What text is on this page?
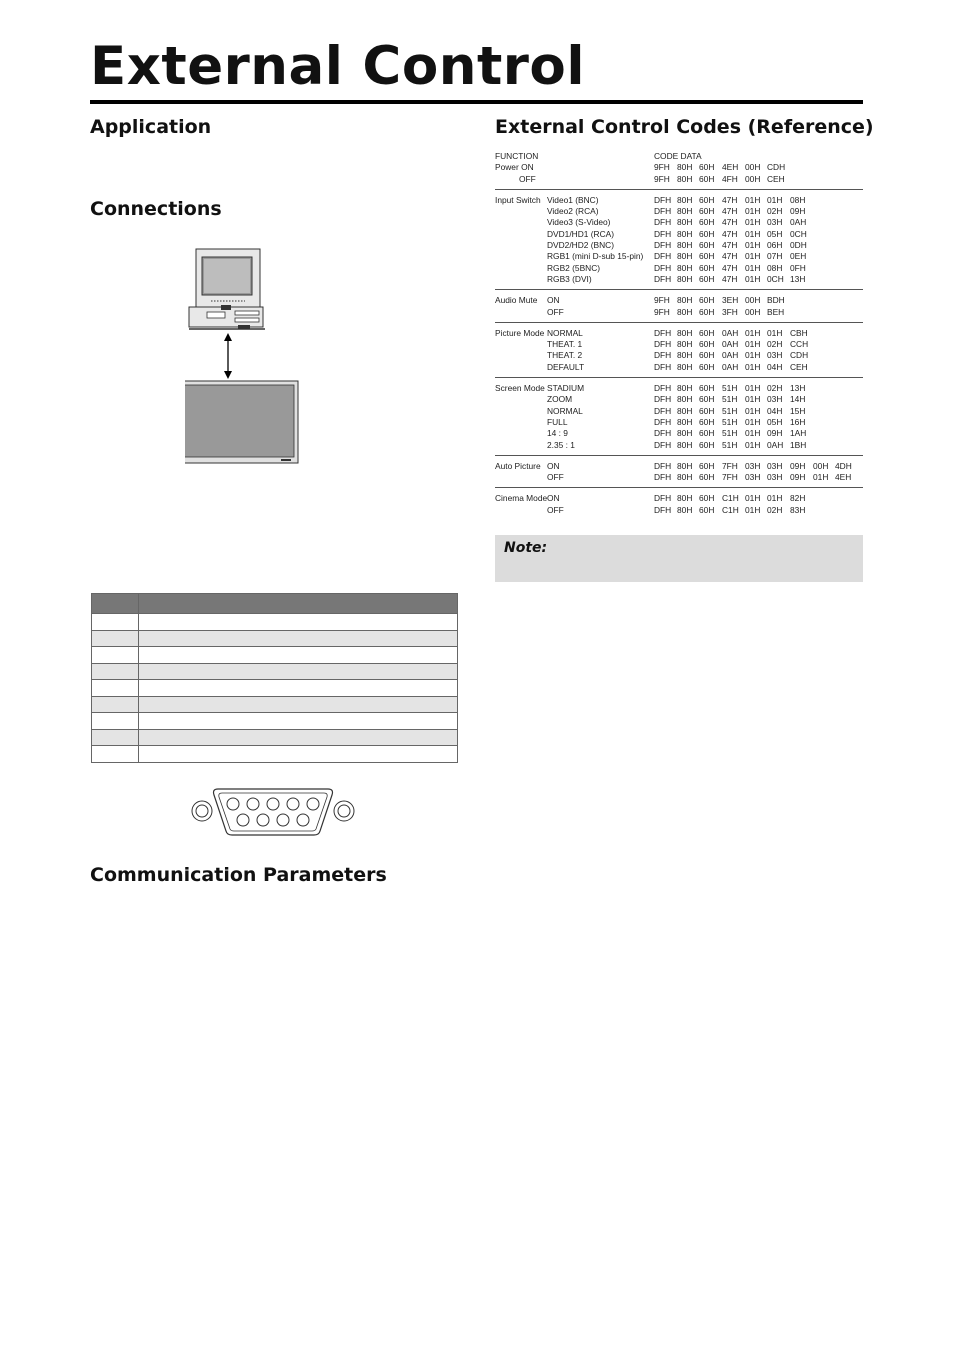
External Control
Application
Connections
Communication Parameters
External Control Codes (Reference)

FUNCTION	CODE DATA
Power ON	9FH 80H 60H 4EH 00H CDH
OFF	9FH 80H 60H 4FH 00H CEH
Input Switch Video1 (BNC)	DFH 80H 60H 47H 01H 01H 08H
Video2 (RCA)	DFH 80H 60H 47H 01H 02H 09H
Video3 (S-Video)	DFH 80H 60H 47H 01H 03H 0AH
DVD1/HD1 (RCA)	DFH 80H 60H 47H 01H 05H 0CH
DVD2/HD2 (BNC)	DFH 80H 60H 47H 01H 06H 0DH
RGB1 (mini D-sub 15-pin) DFH 80H 60H 47H 01H 07H 0EH
RGB2 (5BNC)	DFH 80H 60H 47H 01H 08H 0FH
RGB3 (DVI)	DFH 80H 60H 47H 01H 0CH 13H
Audio Mute ON	9FH 80H 60H 3EH 00H BDH
OFF	9FH 80H 60H 3FH 00H BEH
Picture Mode NORMAL	DFH 80H 60H 0AH 01H 01H CBH
THEAT. 1	DFH 80H 60H 0AH 01H 02H CCH
THEAT. 2	DFH 80H 60H 0AH 01H 03H CDH
DEFAULT	DFH 80H 60H 0AH 01H 04H CEH
Screen Mode STADIUM	DFH 80H 60H 51H 01H 02H 13H
ZOOM	DFH 80H 60H 51H 01H 03H 14H
NORMAL	DFH 80H 60H 51H 01H 04H 15H
FULL	DFH 80H 60H 51H 01H 05H 16H
14 : 9	DFH 80H 60H 51H 01H 09H 1AH
2.35 : 1	DFH 80H 60H 51H 01H 0AH 1BH
Auto Picture ON	DFH 80H 60H 7FH 03H 03H 09H 00H 4DH
OFF	DFH 80H 60H 7FH 03H 03H 09H 01H 4EH
Cinema Mode ON	DFH 80H 60H C1H 01H 01H 82H
OFF	DFH 80H 60H C1H 01H 02H 83H
Note:
